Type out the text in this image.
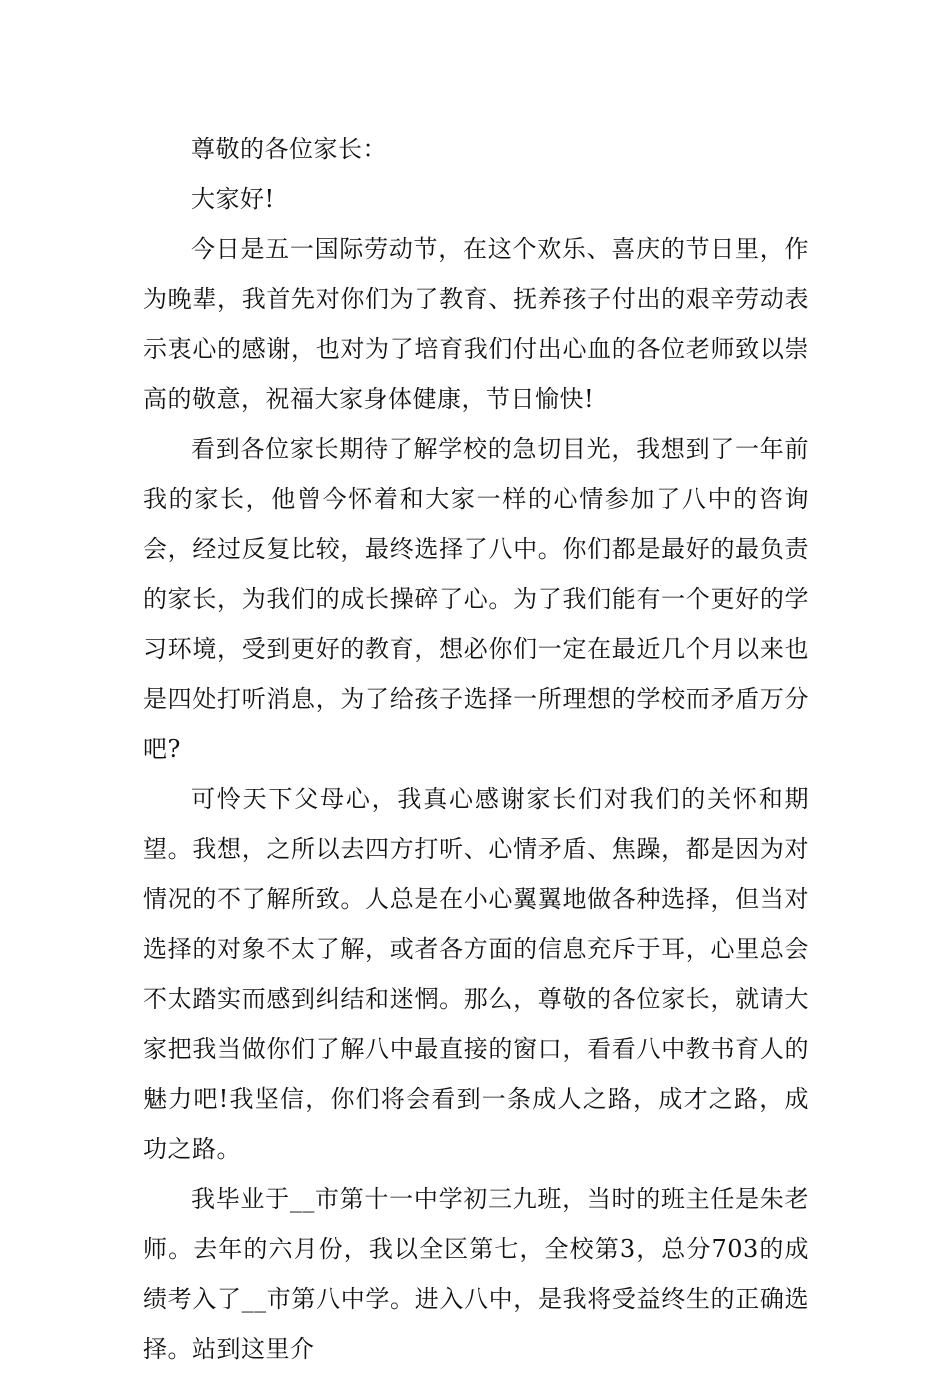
尊敬的各位家长：

大家好!

今日是五一国际劳动节，在这个欢乐、喜庆的节日里，作为晚辈，我首先对你们为了教育、抚养孩子付出的艰辛劳动表示衷心的感谢，也对为了培育我们付出心血的各位老师致以崇高的敬意，祝福大家身体健康，节日愉快!

看到各位家长期待了解学校的急切目光，我想到了一年前我的家长，他曾今怀着和大家一样的心情参加了八中的咨询会，经过反复比较，最终选择了八中。你们都是最好的最负责的家长，为我们的成长操碎了心。为了我们能有一个更好的学习环境，受到更好的教育，想必你们一定在最近几个月以来也是四处打听消息，为了给孩子选择一所理想的学校而矛盾万分吧?

可怜天下父母心，我真心感谢家长们对我们的关怀和期望。我想，之所以去四方打听、心情矛盾、焦躁，都是因为对情况的不了解所致。人总是在小心翼翼地做各种选择，但当对选择的对象不太了解，或者各方面的信息充斥于耳，心里总会不太踏实而感到纠结和迷惘。那么，尊敬的各位家长，就请大家把我当做你们了解八中最直接的窗口，看看八中教书育人的魅力吧!我坚信，你们将会看到一条成人之路，成才之路，成功之路。

我毕业于__市第十一中学初三九班，当时的班主任是朱老师。去年的六月份，我以全区第七，全校第3，总分703的成绩考入了__市第八中学。进入八中，是我将受益终生的正确选择。站到这里介
